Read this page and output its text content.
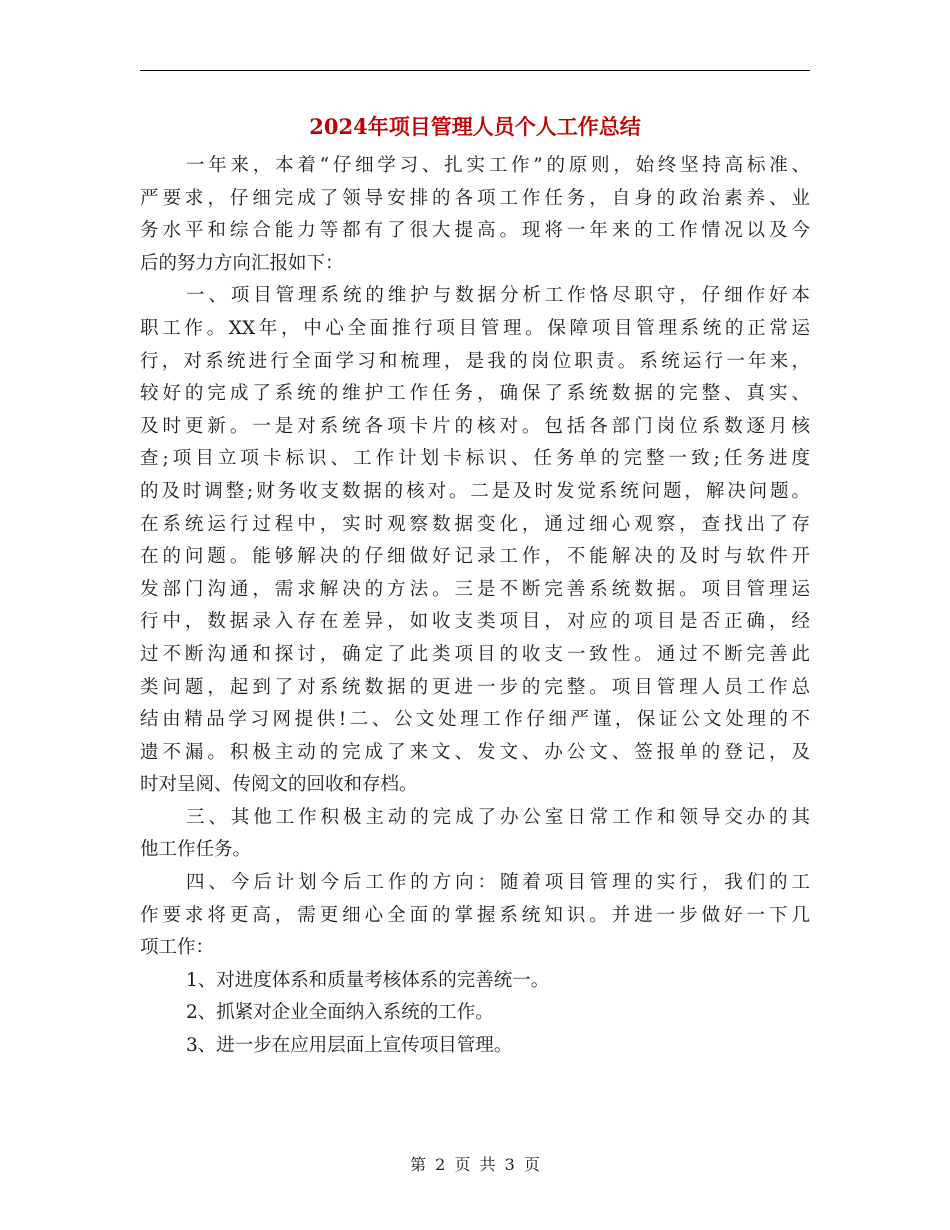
2024年项目管理人员个人工作总结
一年来，本着“仔细学习、扎实工作”的原则，始终坚持高标准、
严要求，仔细完成了领导安排的各项工作任务，自身的政治素养、业
务水平和综合能力等都有了很大提高。现将一年来的工作情况以及今
后的努力方向汇报如下：
一、项目管理系统的维护与数据分析工作恪尽职守，仔细作好本
职工作。XX年，中心全面推行项目管理。保障项目管理系统的正常运
行，对系统进行全面学习和梳理，是我的岗位职责。系统运行一年来，
较好的完成了系统的维护工作任务，确保了系统数据的完整、真实、
及时更新。一是对系统各项卡片的核对。包括各部门岗位系数逐月核
查;项目立项卡标识、工作计划卡标识、任务单的完整一致;任务进度
的及时调整;财务收支数据的核对。二是及时发觉系统问题，解决问题。
在系统运行过程中，实时观察数据变化，通过细心观察，查找出了存
在的问题。能够解决的仔细做好记录工作，不能解决的及时与软件开
发部门沟通，需求解决的方法。三是不断完善系统数据。项目管理运
行中，数据录入存在差异，如收支类项目，对应的项目是否正确，经
过不断沟通和探讨，确定了此类项目的收支一致性。通过不断完善此
类问题，起到了对系统数据的更进一步的完整。项目管理人员工作总
结由精品学习网提供!二、公文处理工作仔细严谨，保证公文处理的不
遗不漏。积极主动的完成了来文、发文、办公文、签报单的登记，及
时对呈阅、传阅文的回收和存档。
三、其他工作积极主动的完成了办公室日常工作和领导交办的其
他工作任务。
四、今后计划今后工作的方向：随着项目管理的实行，我们的工
作要求将更高，需更细心全面的掌握系统知识。并进一步做好一下几
项工作：
1、对进度体系和质量考核体系的完善统一。
2、抓紧对企业全面纳入系统的工作。
3、进一步在应用层面上宣传项目管理。
第 2 页 共 3 页
